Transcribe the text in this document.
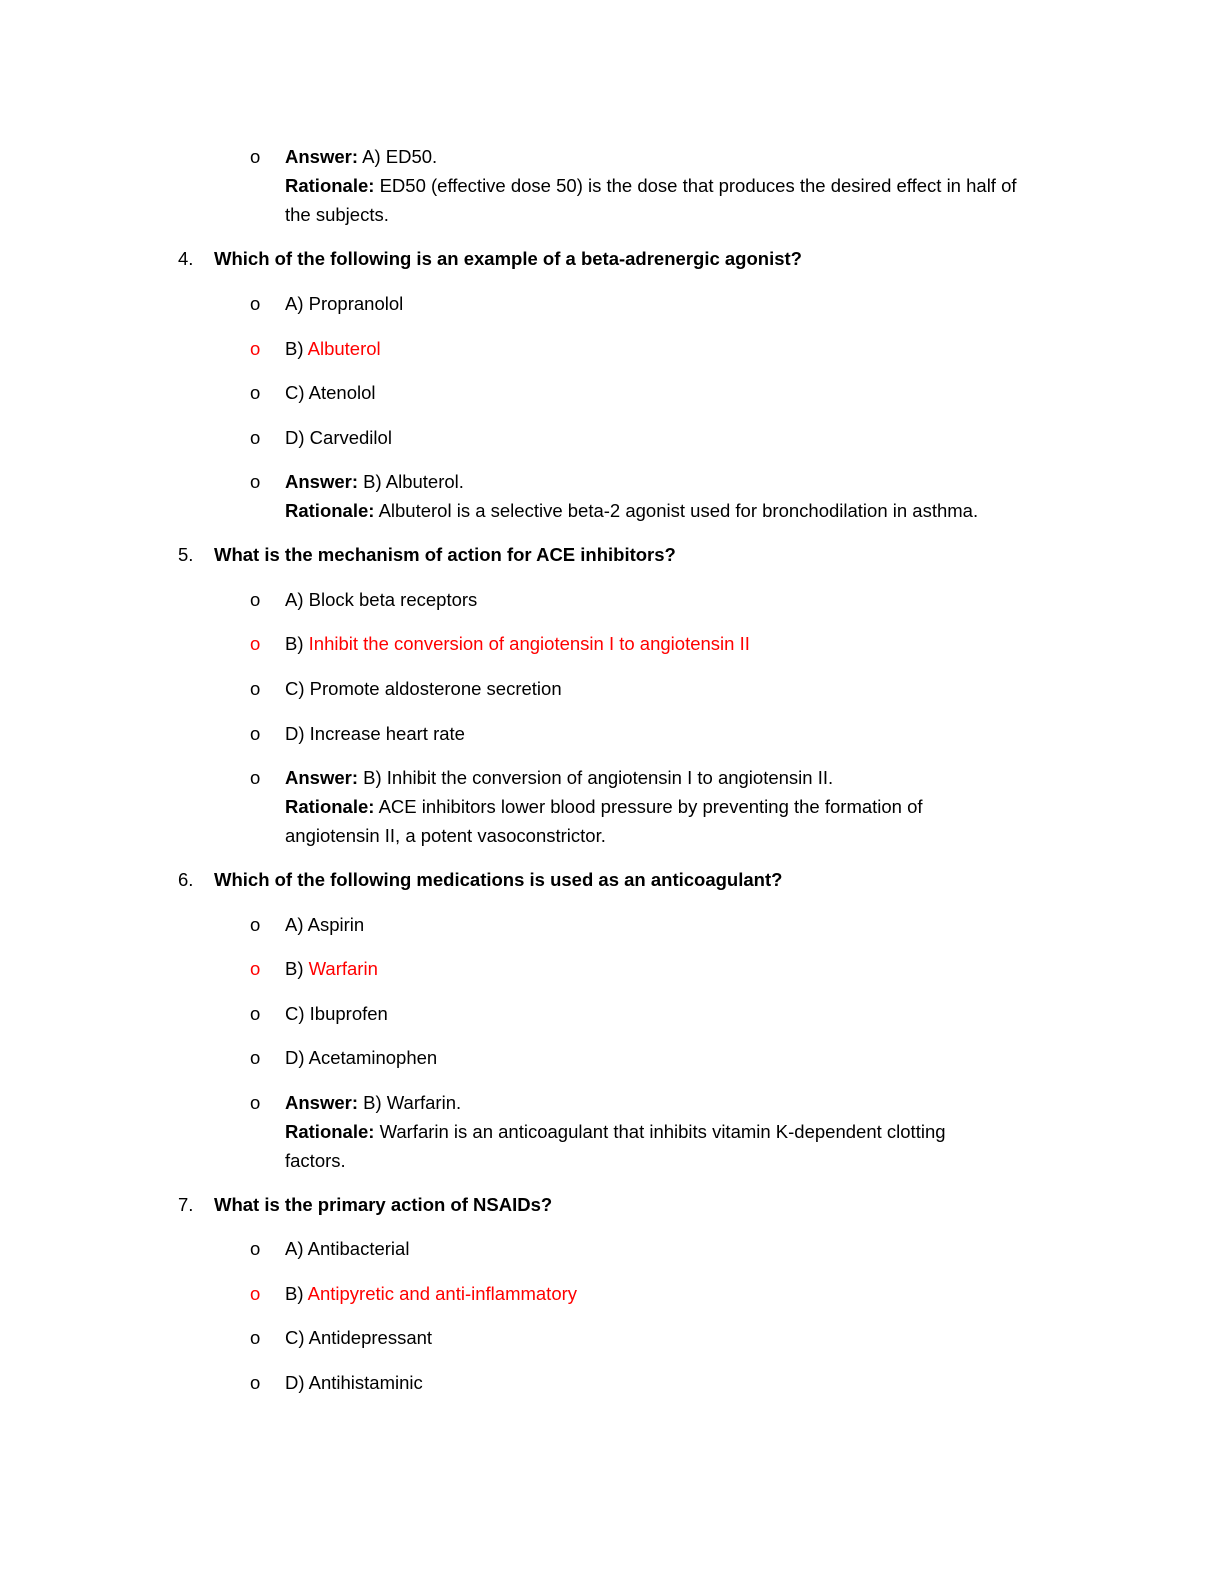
o Answer: A) ED50.
Rationale: ED50 (effective dose 50) is the dose that produces the desired effect in half of
the subjects.
4. Which of the following is an example of a beta-adrenergic agonist?
o A) Propranolol
o B) Albuterol
o C) Atenolol
o D) Carvedilol
o Answer: B) Albuterol.
Rationale: Albuterol is a selective beta-2 agonist used for bronchodilation in asthma.
5. What is the mechanism of action for ACE inhibitors?
o A) Block beta receptors
o B) Inhibit the conversion of angiotensin I to angiotensin II
o C) Promote aldosterone secretion
o D) Increase heart rate
o Answer: B) Inhibit the conversion of angiotensin I to angiotensin II.
Rationale: ACE inhibitors lower blood pressure by preventing the formation of
angiotensin II, a potent vasoconstrictor.
6. Which of the following medications is used as an anticoagulant?
o A) Aspirin
o B) Warfarin
o C) Ibuprofen
o D) Acetaminophen
o Answer: B) Warfarin.
Rationale: Warfarin is an anticoagulant that inhibits vitamin K-dependent clotting
factors.
7. What is the primary action of NSAIDs?
o A) Antibacterial
o B) Antipyretic and anti-inflammatory
o C) Antidepressant
o D) Antihistaminic
